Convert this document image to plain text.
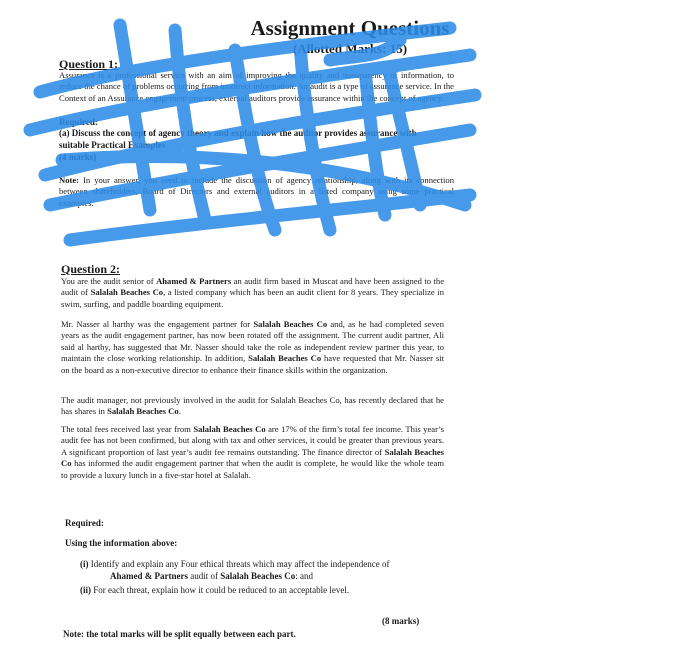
Assignment Questions
(Allotted Marks: 15)
Question 1:
Assurance is a professional service with an aim of improving the quality and transparency of information, to reduce the chance of problems occurring from incorrect information. An audit is a type of assurance service. In the Context of an Assurance engagement process, external auditors provide assurance within the concept of agency.
Required:
(a) Discuss the concept of agency theory and explain how the auditor provides assurance with suitable Practical Examples
(4 marks)
Note: In your answer, you need to include the discussion of agency relationship, along with its connection between shareholders, Board of Directors and external auditors in a listed company using some practical examples.
Question 2:
You are the audit senior of Ahamed & Partners an audit firm based in Muscat and have been assigned to the audit of Salalah Beaches Co, a listed company which has been an audit client for 8 years. They specialize in swim, surfing, and paddle boarding equipment.
Mr. Nasser al harthy was the engagement partner for Salalah Beaches Co and, as he had completed seven years as the audit engagement partner, has now been rotated off the assignment. The current audit partner, Ali said al harthy, has suggested that Mr. Nasser should take the role as independent review partner this year, to maintain the close working relationship. In addition, Salalah Beaches Co have requested that Mr. Nasser sit on the board as a non-executive director to enhance their finance skills within the organization.
The audit manager, not previously involved in the audit for Salalah Beaches Co, has recently declared that he has shares in Salalah Beaches Co.
The total fees received last year from Salalah Beaches Co are 17% of the firm’s total fee income. This year’s audit fee has not been confirmed, but along with tax and other services, it could be greater than previous years. A significant proportion of last year’s audit fee remains outstanding. The finance director of Salalah Beaches Co has informed the audit engagement partner that when the audit is complete, he would like the whole team to provide a luxury lunch in a five-star hotel at Salalah.
Required:
Using the information above:
(i) Identify and explain any Four ethical threats which may affect the independence of
Ahamed & Partners audit of Salalah Beaches Co: and
(ii) For each threat, explain how it could be reduced to an acceptable level.
(8 marks)
Note: the total marks will be split equally between each part.
